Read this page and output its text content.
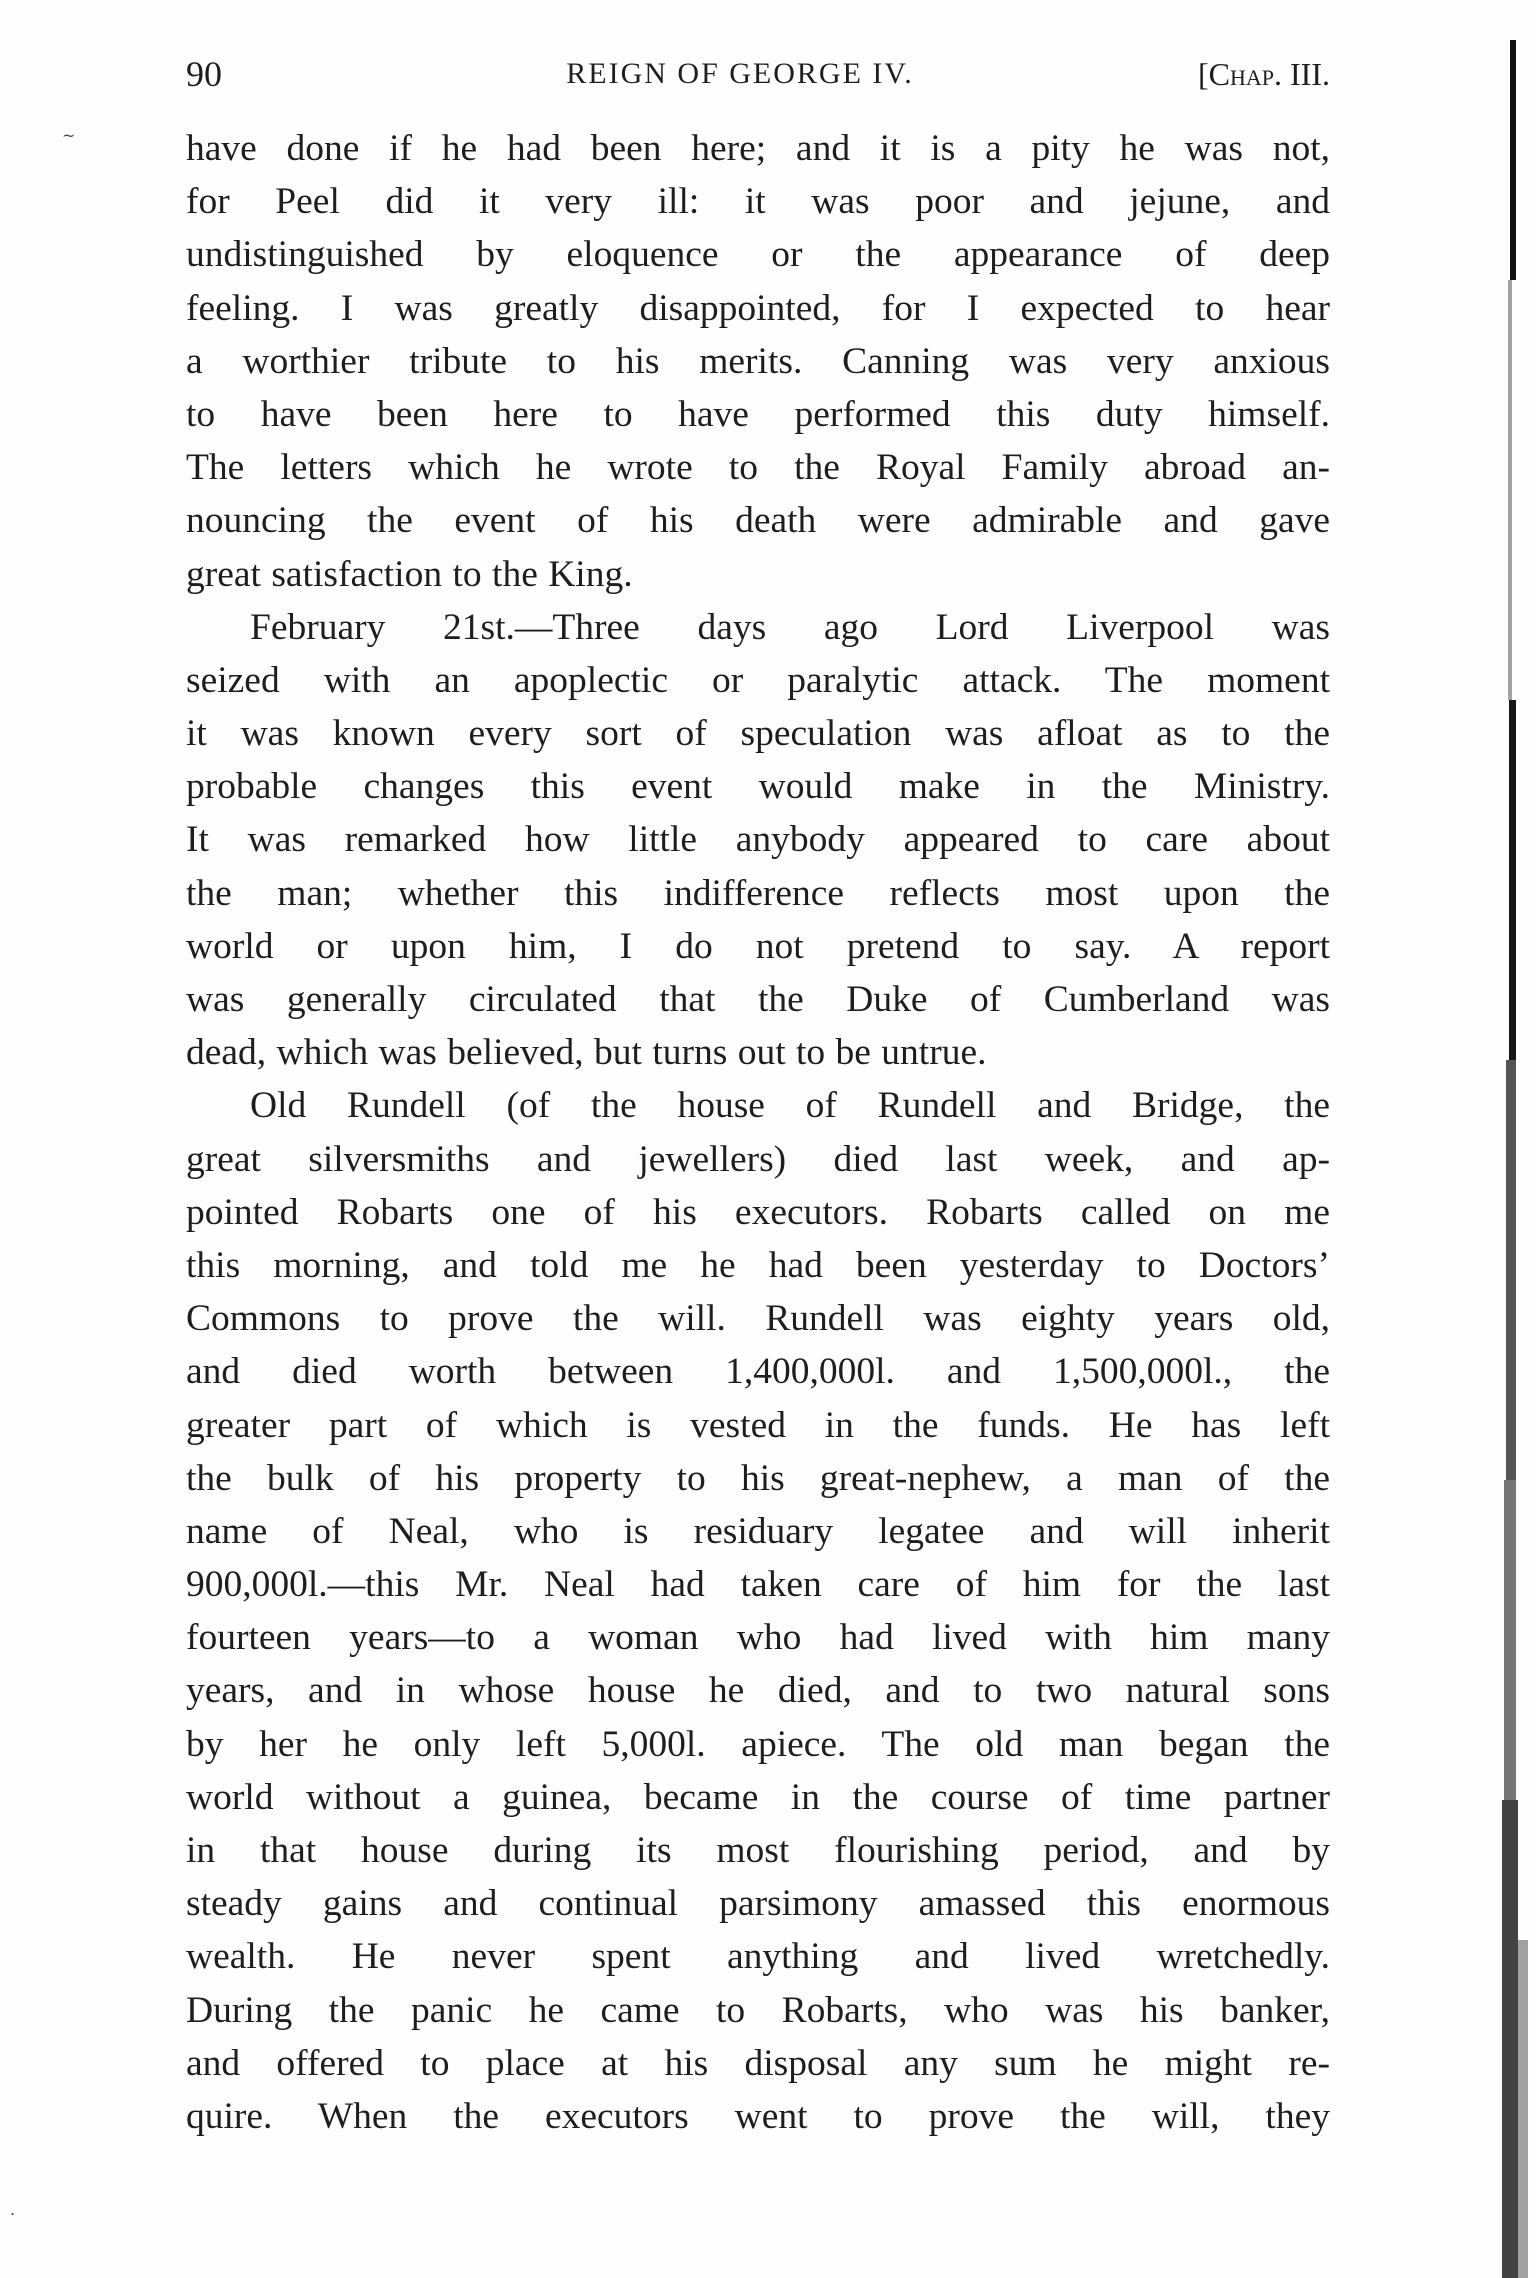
90	REIGN OF GEORGE IV.	[Chap. III.
have done if he had been here; and it is a pity he was not,
for Peel did it very ill: it was poor and jejune, and
undistinguished by eloquence or the appearance of deep
feeling. I was greatly disappointed, for I expected to hear
a worthier tribute to his merits. Canning was very anxious
to have been here to have performed this duty himself.
The letters which he wrote to the Royal Family abroad an-
nouncing the event of his death were admirable and gave
great satisfaction to the King.
February 21st.—Three days ago Lord Liverpool was
seized with an apoplectic or paralytic attack. The moment
it was known every sort of speculation was afloat as to the
probable changes this event would make in the Ministry.
It was remarked how little anybody appeared to care about
the man; whether this indifference reflects most upon the
world or upon him, I do not pretend to say. A report
was generally circulated that the Duke of Cumberland was
dead, which was believed, but turns out to be untrue.
Old Rundell (of the house of Rundell and Bridge, the
great silversmiths and jewellers) died last week, and ap-
pointed Robarts one of his executors. Robarts called on me
this morning, and told me he had been yesterday to Doctors’
Commons to prove the will. Rundell was eighty years old,
and died worth between 1,400,000l. and 1,500,000l., the
greater part of which is vested in the funds. He has left
the bulk of his property to his great-nephew, a man of the
name of Neal, who is residuary legatee and will inherit
900,000l.—this Mr. Neal had taken care of him for the last
fourteen years—to a woman who had lived with him many
years, and in whose house he died, and to two natural sons
by her he only left 5,000l. apiece. The old man began the
world without a guinea, became in the course of time partner
in that house during its most flourishing period, and by
steady gains and continual parsimony amassed this enormous
wealth. He never spent anything and lived wretchedly.
During the panic he came to Robarts, who was his banker,
and offered to place at his disposal any sum he might re-
quire. When the executors went to prove the will, they
~
.
